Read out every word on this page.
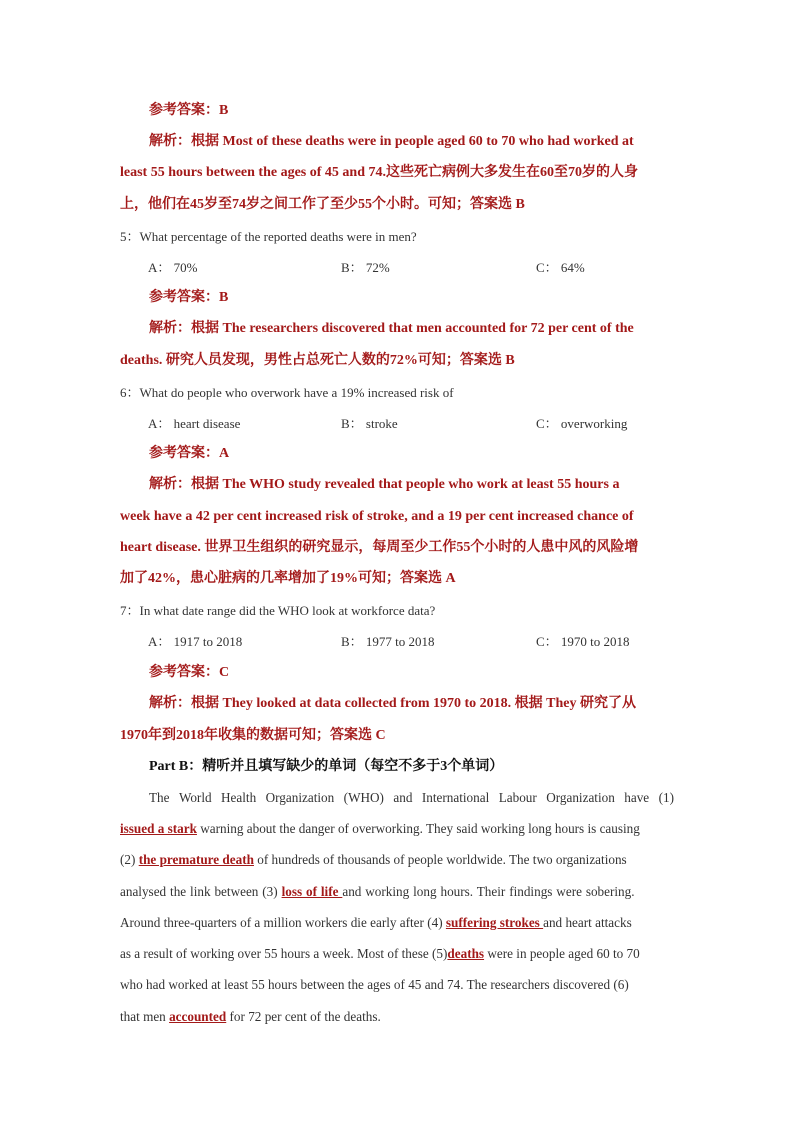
参考答案：B
解析：根据 Most of these deaths were in people aged 60 to 70 who had worked at
least 55 hours between the ages of 45 and 74.这些死亡病例大多发生在60至70岁的人身
上，他们在45岁至74岁之间工作了至少55个小时。可知；答案选 B
5：What percentage of the reported deaths were in men?
A： 70%	B： 72%	C： 64%
参考答案：B
解析：根据 The researchers discovered that men accounted for 72 per cent of the
deaths. 研究人员发现，男性占总死亡人数的72%可知；答案选 B
6：What do people who overwork have a 19% increased risk of
A： heart disease	B： stroke	C： overworking
参考答案：A
解析：根据 The WHO study revealed that people who work at least 55 hours a
week have a 42 per cent increased risk of stroke, and a 19 per cent increased chance of
heart disease. 世界卫生组织的研究显示，每周至少工作55个小时的人患中风的风险增
加了42%，患心脏病的几率增加了19%可知；答案选 A
7：In what date range did the WHO look at workforce data?
A： 1917 to 2018	B： 1977 to 2018	C： 1970 to 2018
参考答案：C
解析：根据 They looked at data collected from 1970 to 2018. 根据 They 研究了从
1970年到2018年收集的数据可知；答案选 C
Part B：精听并且填写缺少的单词（每空不多于3个单词）
The World Health Organization (WHO) and International Labour Organization have (1)
issued a stark warning about the danger of overworking. They said working long hours is causing
(2) the premature death of hundreds of thousands of people worldwide. The two organizations
analysed the link between (3) loss of life and working long hours. Their findings were sobering.
Around three-quarters of a million workers die early after (4) suffering strokes and heart attacks
as a result of working over 55 hours a week. Most of these (5)deaths were in people aged 60 to 70
who had worked at least 55 hours between the ages of 45 and 74. The researchers discovered (6)
that men accounted for 72 per cent of the deaths.
